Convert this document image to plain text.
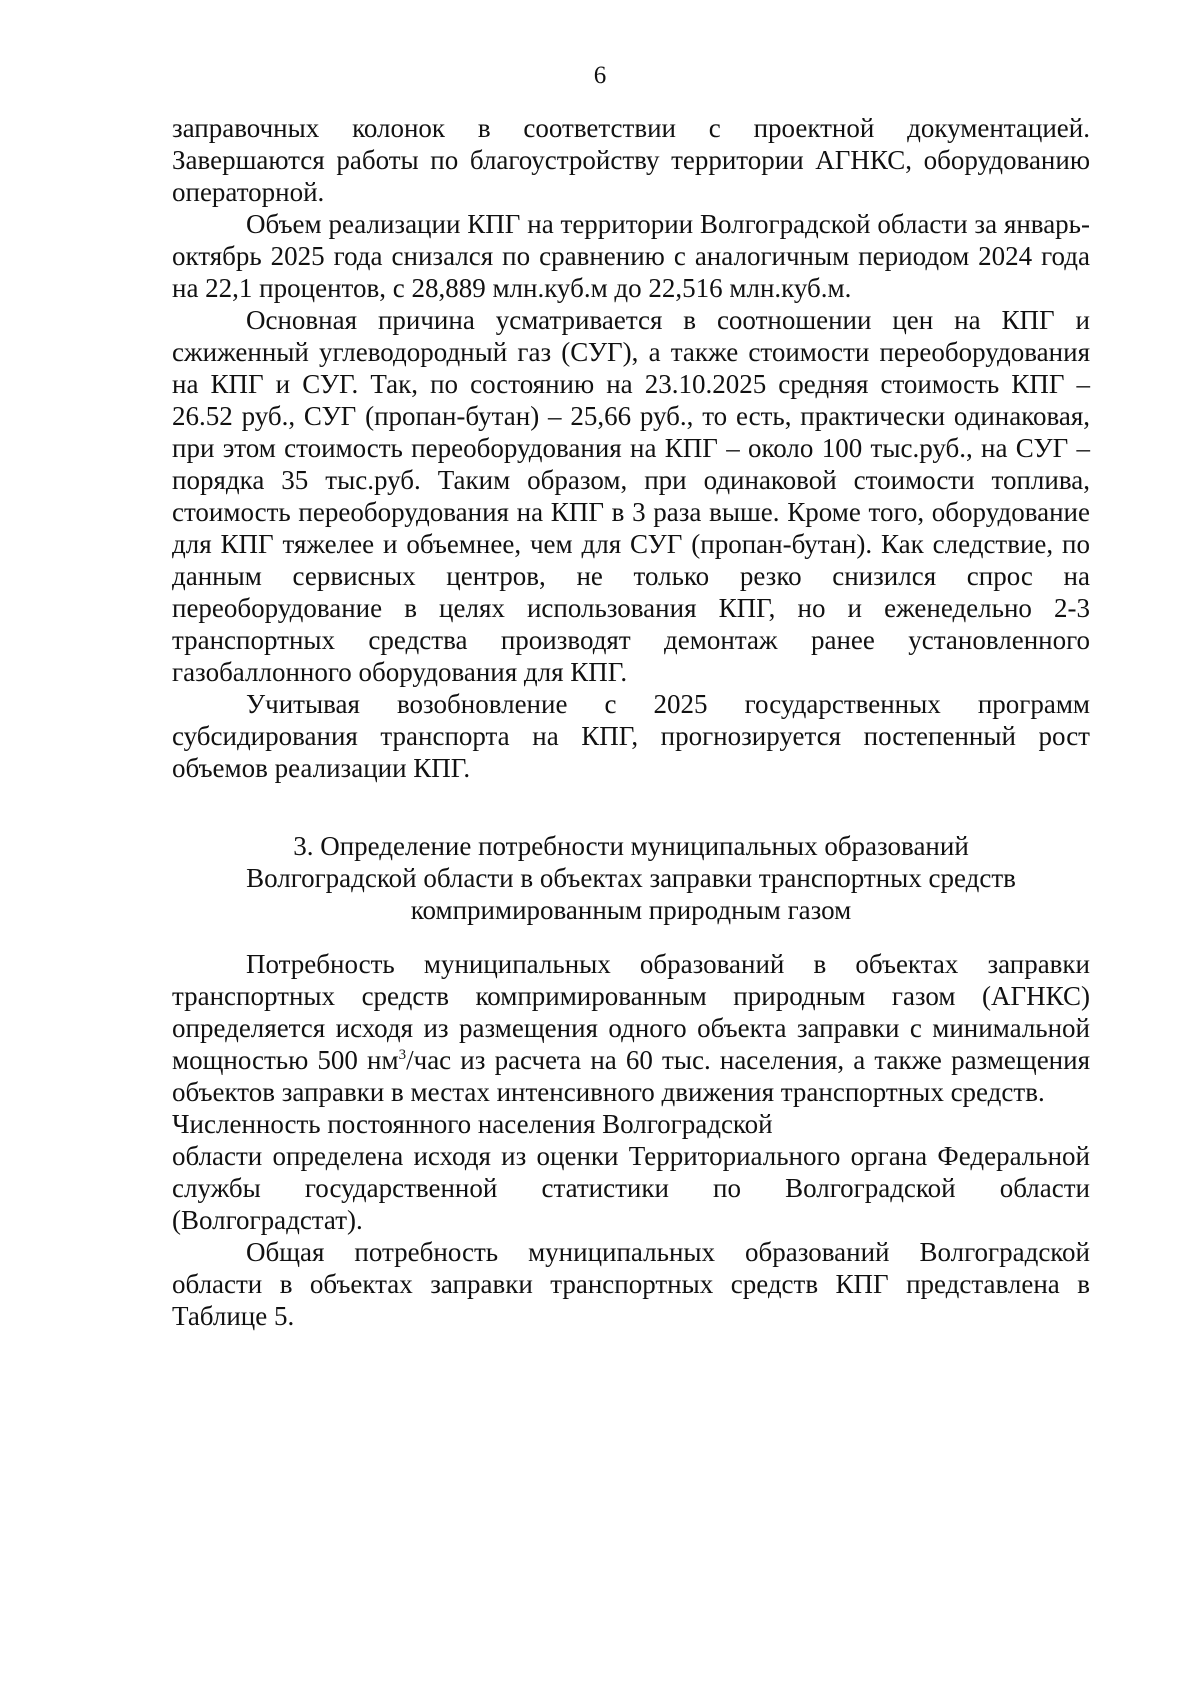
6

заправочных колонок в соответствии с проектной документацией. Завершаются работы по благоустройству территории АГНКС, оборудованию операторной.

Объем реализации КПГ на территории Волгоградской области за январь-октябрь 2025 года снизался по сравнению с аналогичным периодом 2024 года на 22,1 процентов, с 28,889 млн.куб.м до 22,516 млн.куб.м.

Основная причина усматривается в соотношении цен на КПГ и сжиженный углеводородный газ (СУГ), а также стоимости переоборудования на КПГ и СУГ. Так, по состоянию на 23.10.2025 средняя стоимость КПГ – 26.52 руб., СУГ (пропан-бутан) – 25,66 руб., то есть, практически одинаковая, при этом стоимость переоборудования на КПГ – около 100 тыс.руб., на СУГ – порядка 35 тыс.руб. Таким образом, при одинаковой стоимости топлива, стоимость переоборудования на КПГ в 3 раза выше. Кроме того, оборудование для КПГ тяжелее и объемнее, чем для СУГ (пропан-бутан). Как следствие, по данным сервисных центров, не только резко снизился спрос на переоборудование в целях использования КПГ, но и еженедельно 2-3 транспортных средства производят демонтаж ранее установленного газобаллонного оборудования для КПГ.

Учитывая возобновление с 2025 государственных программ субсидирования транспорта на КПГ, прогнозируется постепенный рост объемов реализации КПГ.

3. Определение потребности муниципальных образований
Волгоградской области в объектах заправки транспортных средств
компримированным природным газом

Потребность муниципальных образований в объектах заправки транспортных средств компримированным природным газом (АГНКС) определяется исходя из размещения одного объекта заправки с минимальной мощностью 500 $нм^3$/час из расчета на 60 тыс. населения, а также размещения объектов заправки в местах интенсивного движения транспортных средств.

Численность постоянного населения Волгоградской
области определена исходя из оценки Территориального органа Федеральной службы государственной статистики по Волгоградской области (Волгоградстат).

Общая потребность муниципальных образований Волгоградской области в объектах заправки транспортных средств КПГ представлена в Таблице 5.
